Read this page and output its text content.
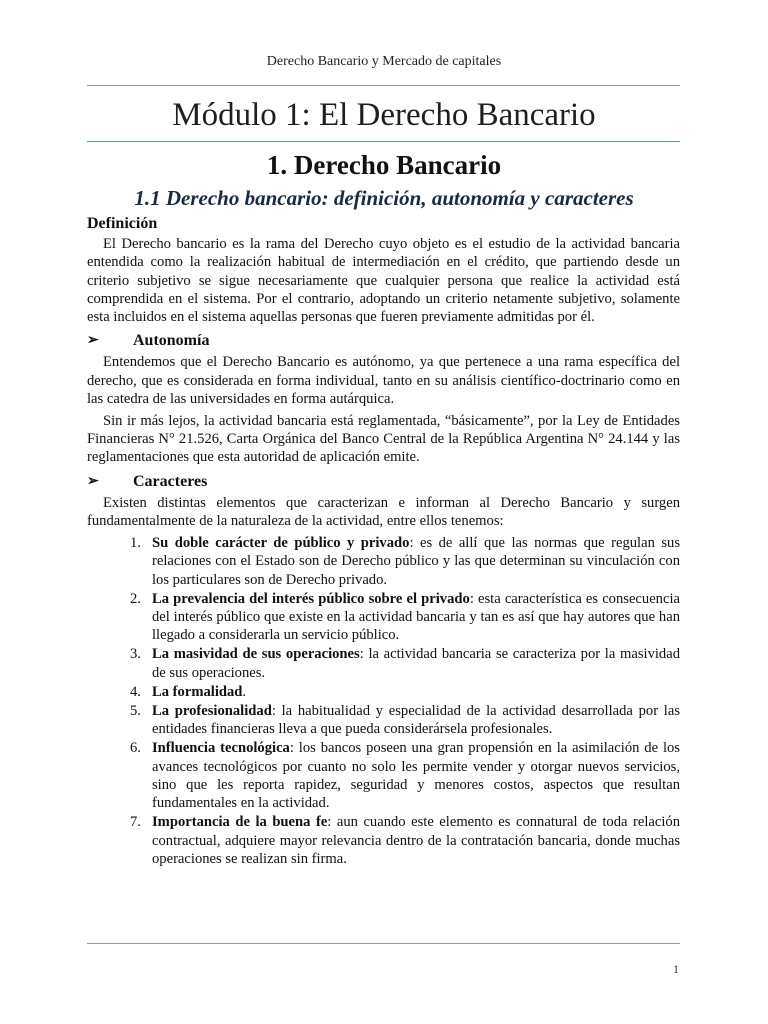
Derecho Bancario y Mercado de capitales
Módulo 1: El Derecho Bancario
1. Derecho Bancario
1.1 Derecho bancario: definición, autonomía y caracteres
Definición

El Derecho bancario es la rama del Derecho cuyo objeto es el estudio de la actividad bancaria entendida como la realización habitual de intermediación en el crédito, que partiendo desde un criterio subjetivo se sigue necesariamente que cualquier persona que realice la actividad está comprendida en el sistema. Por el contrario, adoptando un criterio netamente subjetivo, solamente esta incluidos en el sistema aquellas personas que fueren previamente admitidas por él.

➢	Autonomía

Entendemos que el Derecho Bancario es autónomo, ya que pertenece a una rama específica del derecho, que es considerada en forma individual, tanto en su análisis científico-doctrinario como en las catedra de las universidades en forma autárquica.

Sin ir más lejos, la actividad bancaria está reglamentada, “básicamente”, por la Ley de Entidades Financieras N° 21.526, Carta Orgánica del Banco Central de la República Argentina N° 24.144 y las reglamentaciones que esta autoridad de aplicación emite.

➢	Caracteres

Existen distintas elementos que caracterizan e informan al Derecho Bancario y surgen fundamentalmente de la naturaleza de la actividad, entre ellos tenemos:

1. Su doble carácter de público y privado: es de allí que las normas que regulan sus relaciones con el Estado son de Derecho público y las que determinan su vinculación con los particulares son de Derecho privado.
2. La prevalencia del interés público sobre el privado: esta característica es consecuencia del interés público que existe en la actividad bancaria y tan es así que hay autores que han llegado a considerarla un servicio público.
3. La masividad de sus operaciones: la actividad bancaria se caracteriza por la masividad de sus operaciones.
4. La formalidad.
5. La profesionalidad: la habitualidad y especialidad de la actividad desarrollada por las entidades financieras lleva a que pueda considerársela profesionales.
6. Influencia tecnológica: los bancos poseen una gran propensión en la asimilación de los avances tecnológicos por cuanto no solo les permite vender y otorgar nuevos servicios, sino que les reporta rapidez, seguridad y menores costos, aspectos que resultan fundamentales en la actividad.
7. Importancia de la buena fe: aun cuando este elemento es connatural de toda relación contractual, adquiere mayor relevancia dentro de la contratación bancaria, donde muchas operaciones se realizan sin firma.
1
